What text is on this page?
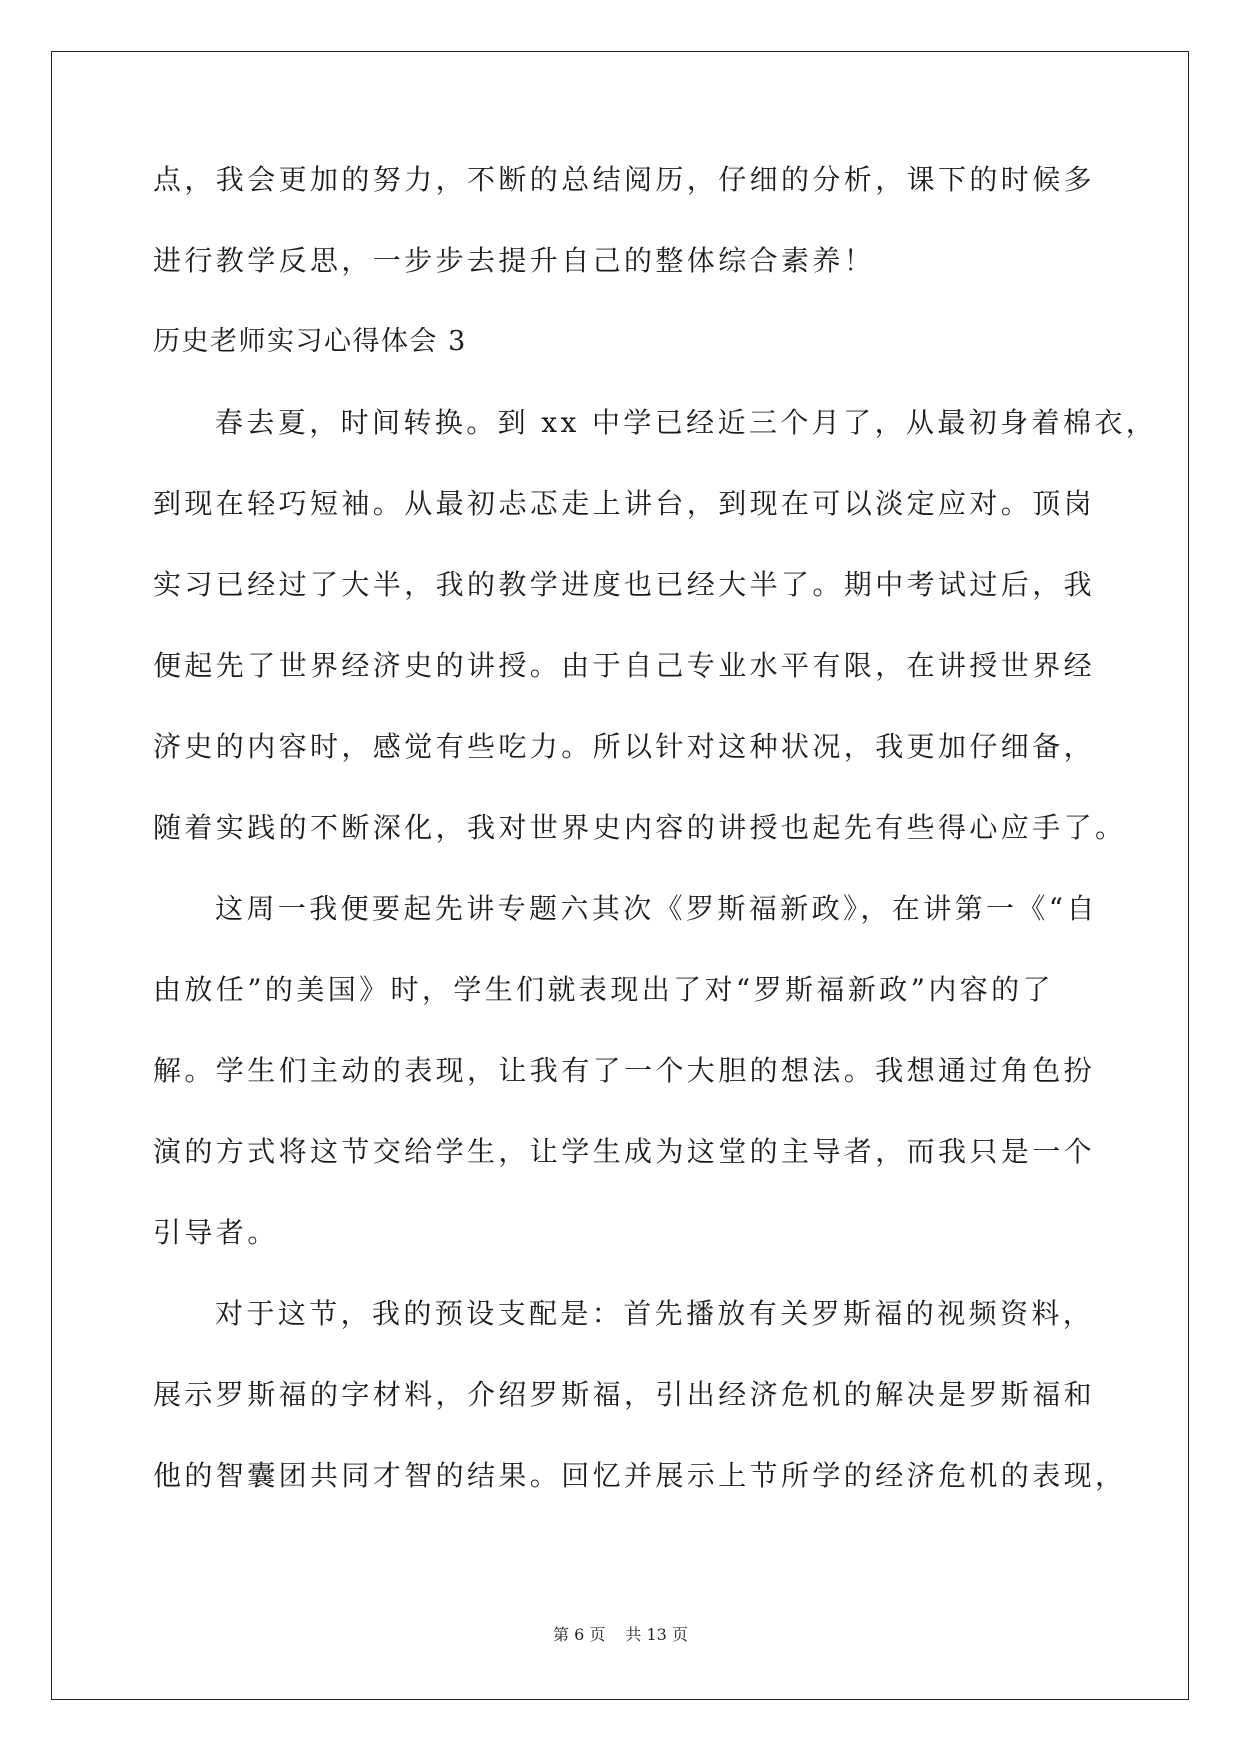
点，我会更加的努力，不断的总结阅历，仔细的分析，课下的时候多
进行教学反思，一步步去提升自己的整体综合素养！
历史老师实习心得体会 3
春去夏，时间转换。到 xx 中学已经近三个月了，从最初身着棉衣，
到现在轻巧短袖。从最初忐忑走上讲台，到现在可以淡定应对。顶岗
实习已经过了大半，我的教学进度也已经大半了。期中考试过后，我
便起先了世界经济史的讲授。由于自己专业水平有限，在讲授世界经
济史的内容时，感觉有些吃力。所以针对这种状况，我更加仔细备，
随着实践的不断深化，我对世界史内容的讲授也起先有些得心应手了。
这周一我便要起先讲专题六其次《罗斯福新政》，在讲第一《“自
由放任”的美国》时，学生们就表现出了对“罗斯福新政”内容的了
解。学生们主动的表现，让我有了一个大胆的想法。我想通过角色扮
演的方式将这节交给学生，让学生成为这堂的主导者，而我只是一个
引导者。
对于这节，我的预设支配是：首先播放有关罗斯福的视频资料，
展示罗斯福的字材料，介绍罗斯福，引出经济危机的解决是罗斯福和
他的智囊团共同才智的结果。回忆并展示上节所学的经济危机的表现，
第 6 页 共 13 页
